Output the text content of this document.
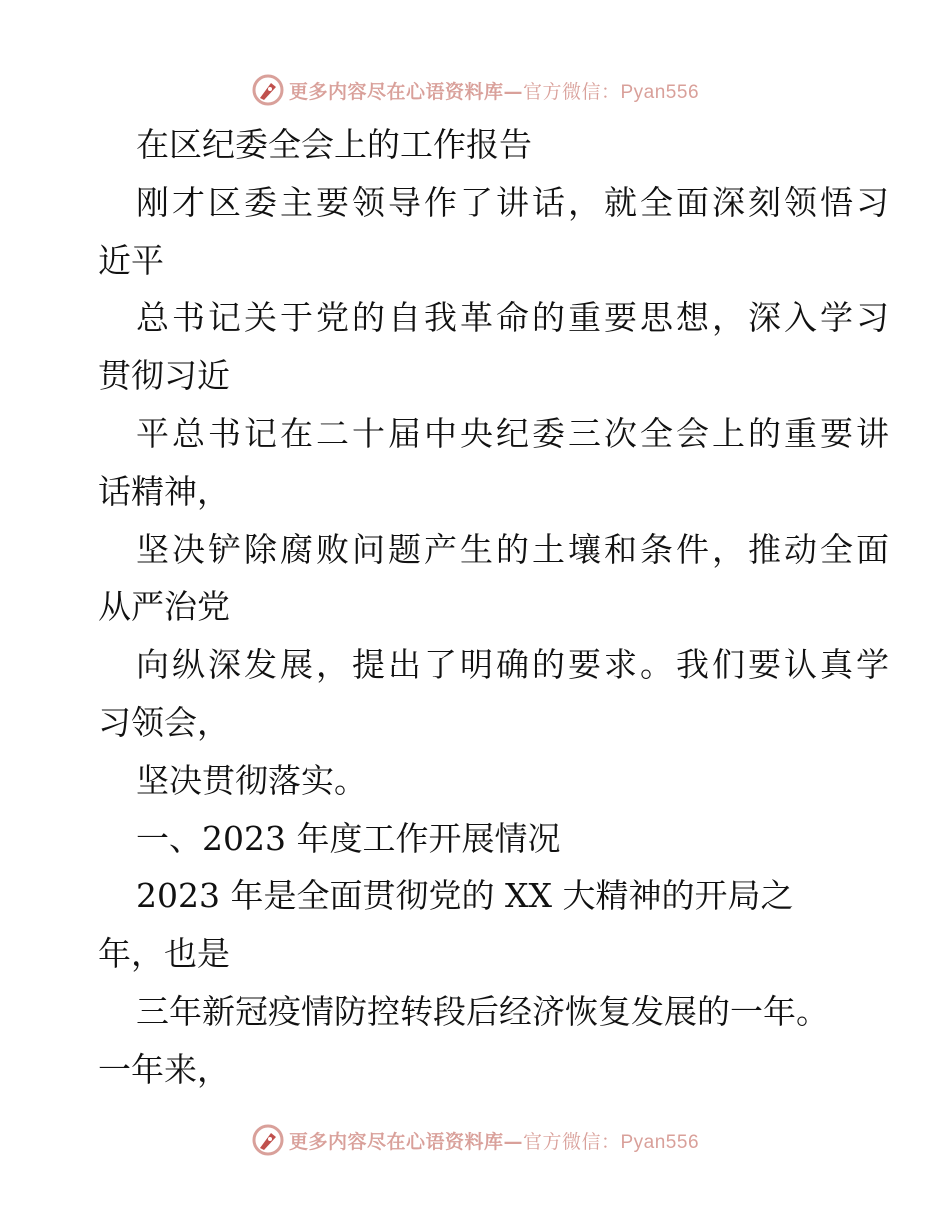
更多内容尽在心语资料库—官方微信：Pyan556
在区纪委全会上的工作报告
刚才区委主要领导作了讲话，就全面深刻领悟习
近平
总书记关于党的自我革命的重要思想，深入学习
贯彻习近
平总书记在二十届中央纪委三次全会上的重要讲
话精神，
坚决铲除腐败问题产生的土壤和条件，推动全面
从严治党
向纵深发展，提出了明确的要求。我们要认真学
习领会，
坚决贯彻落实。
一、2023 年度工作开展情况
2023 年是全面贯彻党的 XX 大精神的开局之
年，也是
三年新冠疫情防控转段后经济恢复发展的一年。
一年来，
更多内容尽在心语资料库—官方微信：Pyan556
